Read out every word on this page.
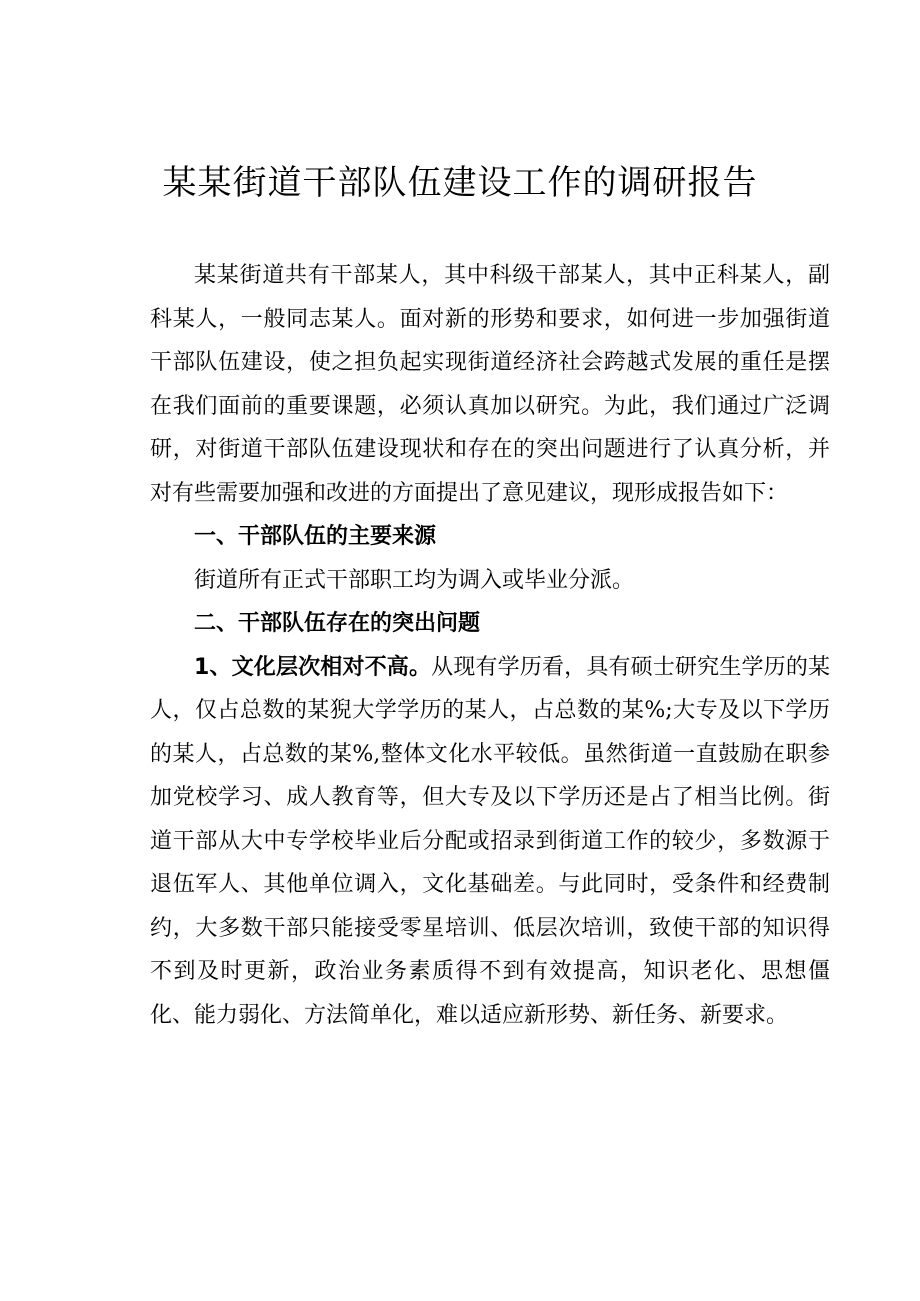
某某街道干部队伍建设工作的调研报告

某某街道共有干部某人，其中科级干部某人，其中正科某人，副科某人，一般同志某人。面对新的形势和要求，如何进一步加强街道干部队伍建设，使之担负起实现街道经济社会跨越式发展的重任是摆在我们面前的重要课题，必须认真加以研究。为此，我们通过广泛调研，对街道干部队伍建设现状和存在的突出问题进行了认真分析，并对有些需要加强和改进的方面提出了意见建议，现形成报告如下：

一、干部队伍的主要来源

街道所有正式干部职工均为调入或毕业分派。

二、干部队伍存在的突出问题

1、文化层次相对不高。从现有学历看，具有硕士研究生学历的某人，仅占总数的某猊大学学历的某人，占总数的某%;大专及以下学历的某人，占总数的某%,整体文化水平较低。虽然街道一直鼓励在职参加党校学习、成人教育等，但大专及以下学历还是占了相当比例。街道干部从大中专学校毕业后分配或招录到街道工作的较少，多数源于退伍军人、其他单位调入，文化基础差。与此同时，受条件和经费制约，大多数干部只能接受零星培训、低层次培训，致使干部的知识得不到及时更新，政治业务素质得不到有效提高，知识老化、思想僵化、能力弱化、方法简单化，难以适应新形势、新任务、新要求。
